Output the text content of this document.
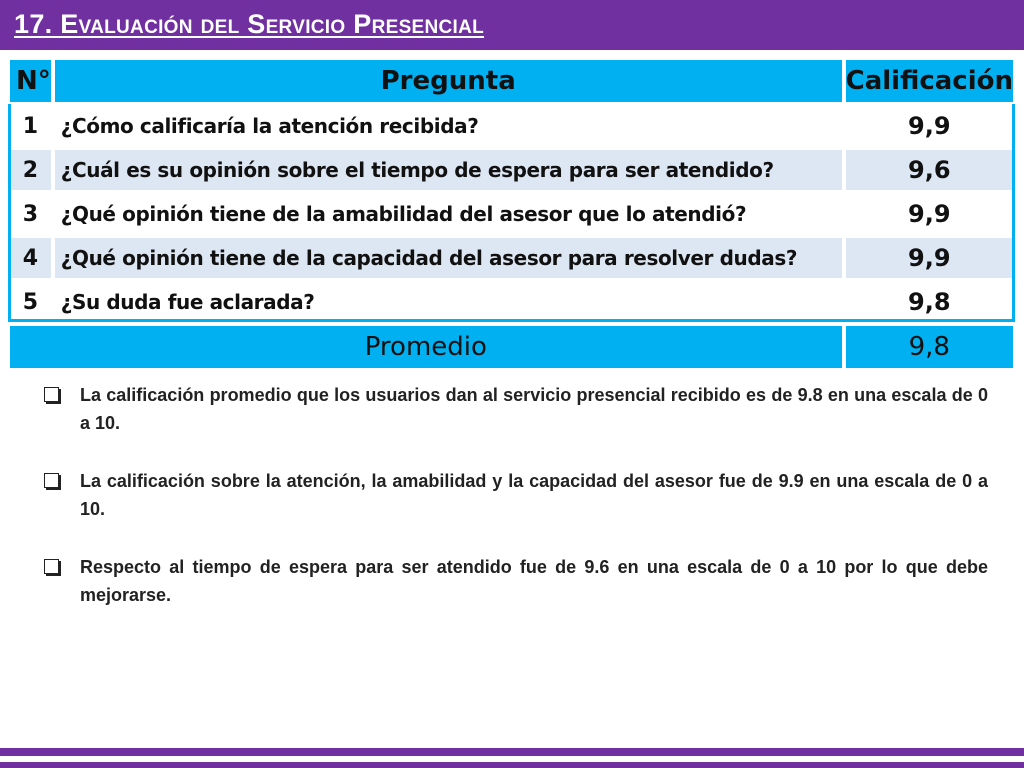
17. Evaluación del Servicio Presencial
N°	Pregunta	Calificación
1	¿Cómo calificaría la atención recibida?	9,9
2	¿Cuál es su opinión sobre el tiempo de espera para ser atendido?	9,6
3	¿Qué opinión tiene de la amabilidad del asesor que lo atendió?	9,9
4	¿Qué opinión tiene de la capacidad del asesor para resolver dudas?	9,9
5	¿Su duda fue aclarada?	9,8
Promedio		9,8
La calificación promedio que los usuarios dan al servicio presencial recibido es de 9.8 en una escala de 0 a 10.
La calificación sobre la atención, la amabilidad y la capacidad del asesor fue de 9.9 en una escala de 0 a 10.
Respecto al tiempo de espera para ser atendido fue de 9.6 en una escala de 0 a 10 por lo que debe mejorarse.
